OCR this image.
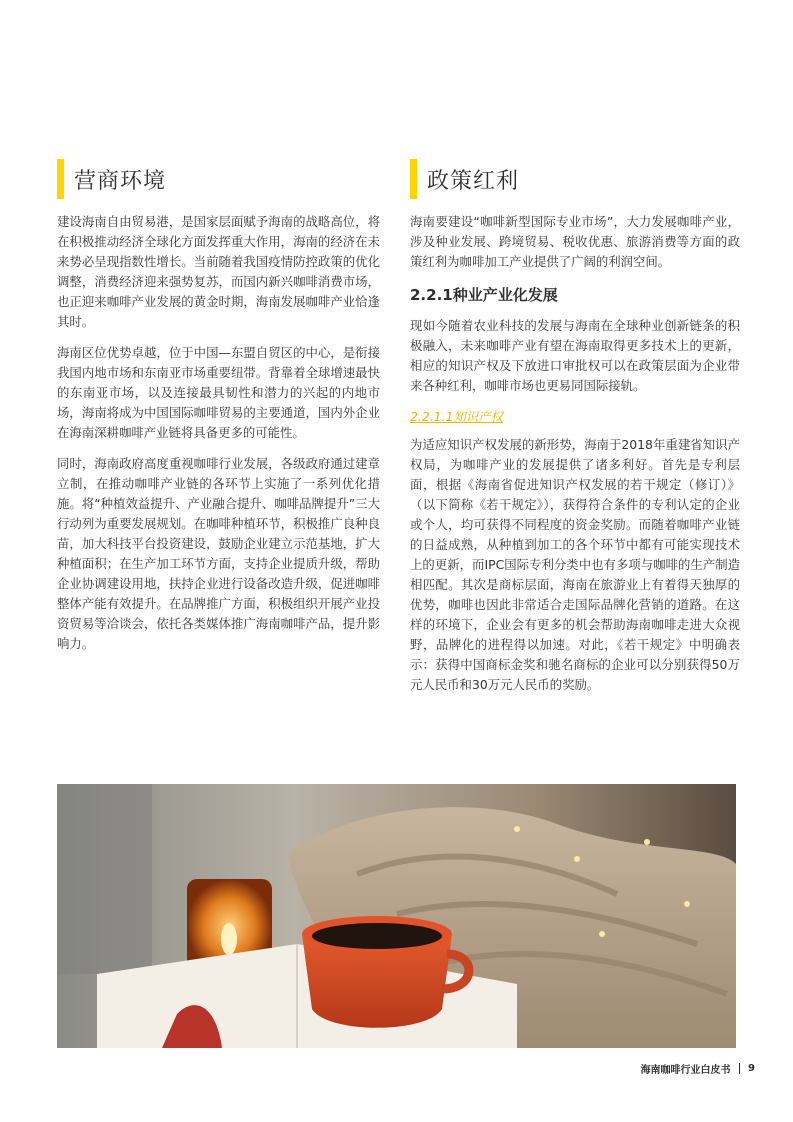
营商环境

建设海南自由贸易港，是国家层面赋予海南的战略高位，将在积极推动经济全球化方面发挥重大作用，海南的经济在未来势必呈现指数性增长。当前随着我国疫情防控政策的优化调整，消费经济迎来强势复苏，而国内新兴咖啡消费市场，也正迎来咖啡产业发展的黄金时期，海南发展咖啡产业恰逢其时。

海南区位优势卓越，位于中国—东盟自贸区的中心，是衔接我国内地市场和东南亚市场重要纽带。背靠着全球增速最快的东南亚市场，以及连接最具韧性和潜力的兴起的内地市场，海南将成为中国国际咖啡贸易的主要通道，国内外企业在海南深耕咖啡产业链将具备更多的可能性。

同时，海南政府高度重视咖啡行业发展，各级政府通过建章立制，在推动咖啡产业链的各环节上实施了一系列优化措施。将“种植效益提升、产业融合提升、咖啡品牌提升”三大行动列为重要发展规划。在咖啡种植环节，积极推广良种良苗，加大科技平台投资建设，鼓励企业建立示范基地，扩大种植面积；在生产加工环节方面，支持企业提质升级，帮助企业协调建设用地，扶持企业进行设备改造升级，促进咖啡整体产能有效提升。在品牌推广方面，积极组织开展产业投资贸易等洽谈会，依托各类媒体推广海南咖啡产品，提升影响力。

政策红利

海南要建设“咖啡新型国际专业市场”，大力发展咖啡产业，涉及种业发展、跨境贸易、税收优惠、旅游消费等方面的政策红利为咖啡加工产业提供了广阔的利润空间。

2.2.1种业产业化发展

现如今随着农业科技的发展与海南在全球种业创新链条的积极融入，未来咖啡产业有望在海南取得更多技术上的更新，相应的知识产权及下放进口审批权可以在政策层面为企业带来各种红利，咖啡市场也更易同国际接轨。

2.2.1.1知识产权

为适应知识产权发展的新形势，海南于2018年重建省知识产权局，为咖啡产业的发展提供了诸多利好。首先是专利层面，根据《海南省促进知识产权发展的若干规定（修订）》（以下简称《若干规定》），获得符合条件的专利认定的企业或个人，均可获得不同程度的资金奖励。而随着咖啡产业链的日益成熟，从种植到加工的各个环节中都有可能实现技术上的更新，而IPC国际专利分类中也有多项与咖啡的生产制造相匹配。其次是商标层面，海南在旅游业上有着得天独厚的优势，咖啡也因此非常适合走国际品牌化营销的道路。在这样的环境下，企业会有更多的机会帮助海南咖啡走进大众视野，品牌化的进程得以加速。对此，《若干规定》中明确表示：获得中国商标金奖和驰名商标的企业可以分别获得50万元人民币和30万元人民币的奖励。

海南咖啡行业白皮书 9
